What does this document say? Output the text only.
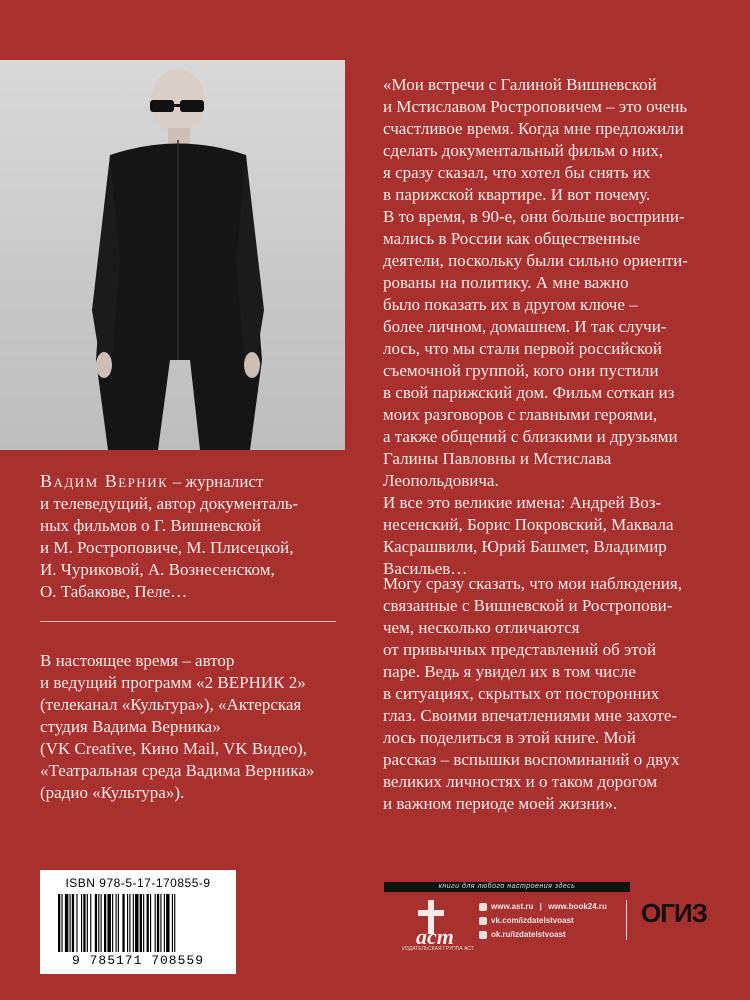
Вадим Верник – журналист
и телеведущий, автор документаль-
ных фильмов о Г. Вишневской
и М. Ростроповиче, М. Плисецкой,
И. Чуриковой, А. Вознесенском,
О. Табакове, Пеле…
В настоящее время – автор
и ведущий программ «2 ВЕРНИК 2»
(телеканал «Культура»), «Актерская
студия Вадима Верника»
(VK Creative, Кино Mail, VK Видео),
«Театральная среда Вадима Верника»
(радио «Культура»).
«Мои встречи с Галиной Вишневской
и Мстиславом Ростроповичем – это очень
счастливое время. Когда мне предложили
сделать документальный фильм о них,
я сразу сказал, что хотел бы снять их
в парижской квартире. И вот почему.
В то время, в 90-е, они больше восприни-
мались в России как общественные
деятели, поскольку были сильно ориенти-
рованы на политику. А мне важно
было показать их в другом ключе –
более личном, домашнем. И так случи-
лось, что мы стали первой российской
съемочной группой, кого они пустили
в свой парижский дом. Фильм соткан из
моих разговоров с главными героями,
а также общений с близкими и друзьями
Галины Павловны и Мстислава
Леопольдовича.
И все это великие имена: Андрей Воз-
несенский, Борис Покровский, Маквала
Касрашвили, Юрий Башмет, Владимир
Васильев…
Могу сразу сказать, что мои наблюдения,
связанные с Вишневской и Ростропови-
чем, несколько отличаются
от привычных представлений об этой
паре. Ведь я увидел их в том числе
в ситуациях, скрытых от посторонних
глаз. Своими впечатлениями мне захоте-
лось поделиться в этой книге. Мой
рассказ – вспышки воспоминаний о двух
великих личностях и о таком дорогом
и важном периоде моей жизни».
ISBN 978-5-17-170855-9
9 785171 708559
книги для любого настроения здесь
аст
ИЗДАТЕЛЬСКАЯ ГРУППА АСТ
www.ast.ru | www.book24.ru
vk.com/izdatelstvoast
ok.ru/izdatelstvoast
ОГИЗ
